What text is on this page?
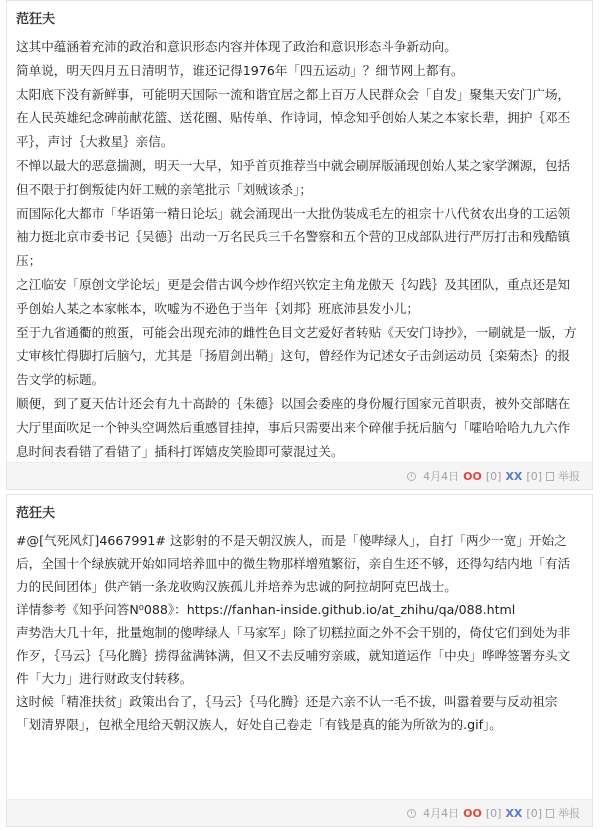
范狂夫

这其中蕴涵着充沛的政治和意识形态内容并体现了政治和意识形态斗争新动向。

简单说，明天四月五日清明节，谁还记得1976年「四五运动」？细节网上都有。

太阳底下没有新鲜事，可能明天国际一流和谐宜居之都上百万人民群众会「自发」聚集天安门广场，在人民英雄纪念碑前献花篮、送花圈、贴传单、作诗词，悼念知乎创始人某之本家长辈，拥护｛邓丕平｝，声讨｛大救星｝亲信。

不惮以最大的恶意揣测，明天一大早，知乎首页推荐当中就会刷屏版涌现创始人某之家学渊源，包括但不限于打倒叛徒内奸工贼的亲笔批示「刘贼该杀」；

而国际化大都市「华语第一精日论坛」就会涌现出一大批伪装成毛左的祖宗十八代贫农出身的工运领袖力挺北京市委书记｛吴德｝出动一万名民兵三千名警察和五个营的卫戍部队进行严厉打击和残酷镇压；

之江临安「原创文学论坛」更是会借古讽今炒作绍兴钦定主角龙傲天｛勾践｝及其团队，重点还是知乎创始人某之本家帐本，吹嘘为不逊色于当年｛刘邦｝班底沛县发小儿；

至于九省通衢的煎蛋，可能会出现充沛的雌性色目文艺爱好者转贴《天安门诗抄》，一刷就是一版，方丈审核忙得脚打后脑勺，尤其是「扬眉剑出鞘」这句，曾经作为记述女子击剑运动员｛栾菊杰｝的报告文学的标题。

顺便，到了夏天估计还会有九十高龄的｛朱德｝以国会委座的身份履行国家元首职责，被外交部瞎在大厅里面吹足一个钟头空调然后重感冒挂掉，事后只需要出来个碎催手抚后脑勺「嚯哈哈哈九九六作息时间表看错了看错了」插科打诨嬉皮笑脸即可蒙混过关。

4月4日 OO [0] XX [0] 举报
范狂夫

#@[气死风灯]4667991# 这影射的不是天朝汉族人，而是「傻哔绿人」，自打「两少一宽」开始之后，全国十个绿族就开始如同培养皿中的微生物那样增殖繁衍，亲自生还不够，还得勾结内地「有活力的民间团体」供产销一条龙收购汉族孤儿并培养为忠诚的阿拉胡阿克巴战士。

详情参考《知乎问答N⁰088》：https://fanhan-inside.github.io/at_zhihu/qa/088.html

声势浩大几十年，批量炮制的傻哔绿人「马家军」除了切糕拉面之外不会干别的，倚仗它们到处为非作歹，｛马云｝｛马化腾｝捞得盆满钵满，但又不去反哺穷亲戚，就知道运作「中央」哗哗签署夯头文件「大力」进行财政支付转移。

这时候「精准扶贫」政策出台了，｛马云｝｛马化腾｝还是六亲不认一毛不拔，叫嚣着要与反动祖宗「划清界限」，包袱全甩给天朝汉族人，好处自己卷走「有钱是真的能为所欲为的.gif」。

4月4日 OO [0] XX [0] 举报
